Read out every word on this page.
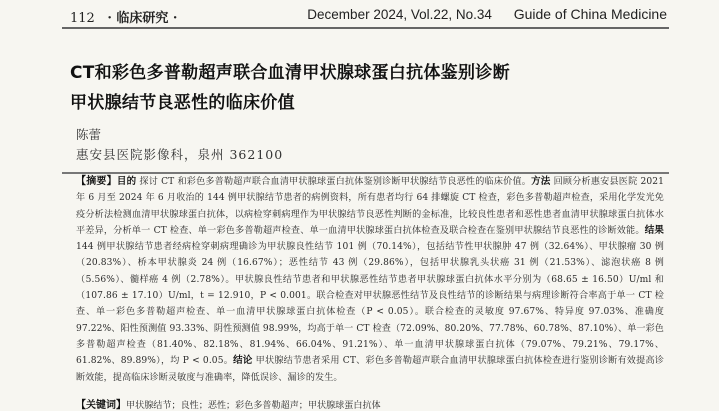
112 · 临床研究 ·	December 2024, Vol.22, No.34 Guide of China Medicine
CT和彩色多普勒超声联合血清甲状腺球蛋白抗体鉴别诊断
甲状腺结节良恶性的临床价值
陈蕾
惠安县医院影像科，泉州 362100
【摘要】目的 探讨 CT 和彩色多普勒超声联合血清甲状腺球蛋白抗体鉴别诊断甲状腺结节良恶性的临床价值。方法 回顾分析惠安县医院 2021 年 6 月至 2024 年 6 月收治的 144 例甲状腺结节患者的病例资料，所有患者均行 64 排螺旋 CT 检查，彩色多普勒超声检查，采用化学发光免疫分析法检测血清甲状腺球蛋白抗体，以病检穿刺病理作为甲状腺结节良恶性判断的金标准，比较良性患者和恶性患者血清甲状腺球蛋白抗体水平差异，分析单一 CT 检查、单一彩色多普勒超声检查、单一血清甲状腺球蛋白抗体检查及联合检查在鉴别甲状腺结节良恶性的诊断效能。结果 144 例甲状腺结节患者经病检穿刺病理确诊为甲状腺良性结节 101 例（70.14%），包括结节性甲状腺肿 47 例（32.64%）、甲状腺瘤 30 例（20.83%）、桥本甲状腺炎 24 例（16.67%）；恶性结节 43 例（29.86%），包括甲状腺乳头状癌 31 例（21.53%）、滤泡状癌 8 例（5.56%）、髓样癌 4 例（2.78%）。甲状腺良性结节患者和甲状腺恶性结节患者甲状腺球蛋白抗体水平分别为（68.65 ± 16.50）U/ml 和（107.86 ± 17.10）U/ml，t = 12.910，P < 0.001。联合检查对甲状腺恶性结节及良性结节的诊断结果与病理诊断符合率高于单一 CT 检查、单一彩色多普勒超声检查、单一血清甲状腺球蛋白抗体检查（P < 0.05）。联合检查的灵敏度 97.67%、特异度 97.03%、准确度 97.22%、阳性预测值 93.33%、阴性预测值 98.99%，均高于单一 CT 检查（72.09%、80.20%、77.78%、60.78%、87.10%）、单一彩色多普勒超声检查（81.40%、82.18%、81.94%、66.04%、91.21%）、单一血清甲状腺球蛋白抗体（79.07%、79.21%、79.17%、61.82%、89.89%），均 P < 0.05。结论 甲状腺结节患者采用 CT、彩色多普勒超声联合血清甲状腺球蛋白抗体检查进行鉴别诊断有效提高诊断效能，提高临床诊断灵敏度与准确率，降低误诊、漏诊的发生。
【关键词】甲状腺结节；良性；恶性；彩色多普勒超声；甲状腺球蛋白抗体
